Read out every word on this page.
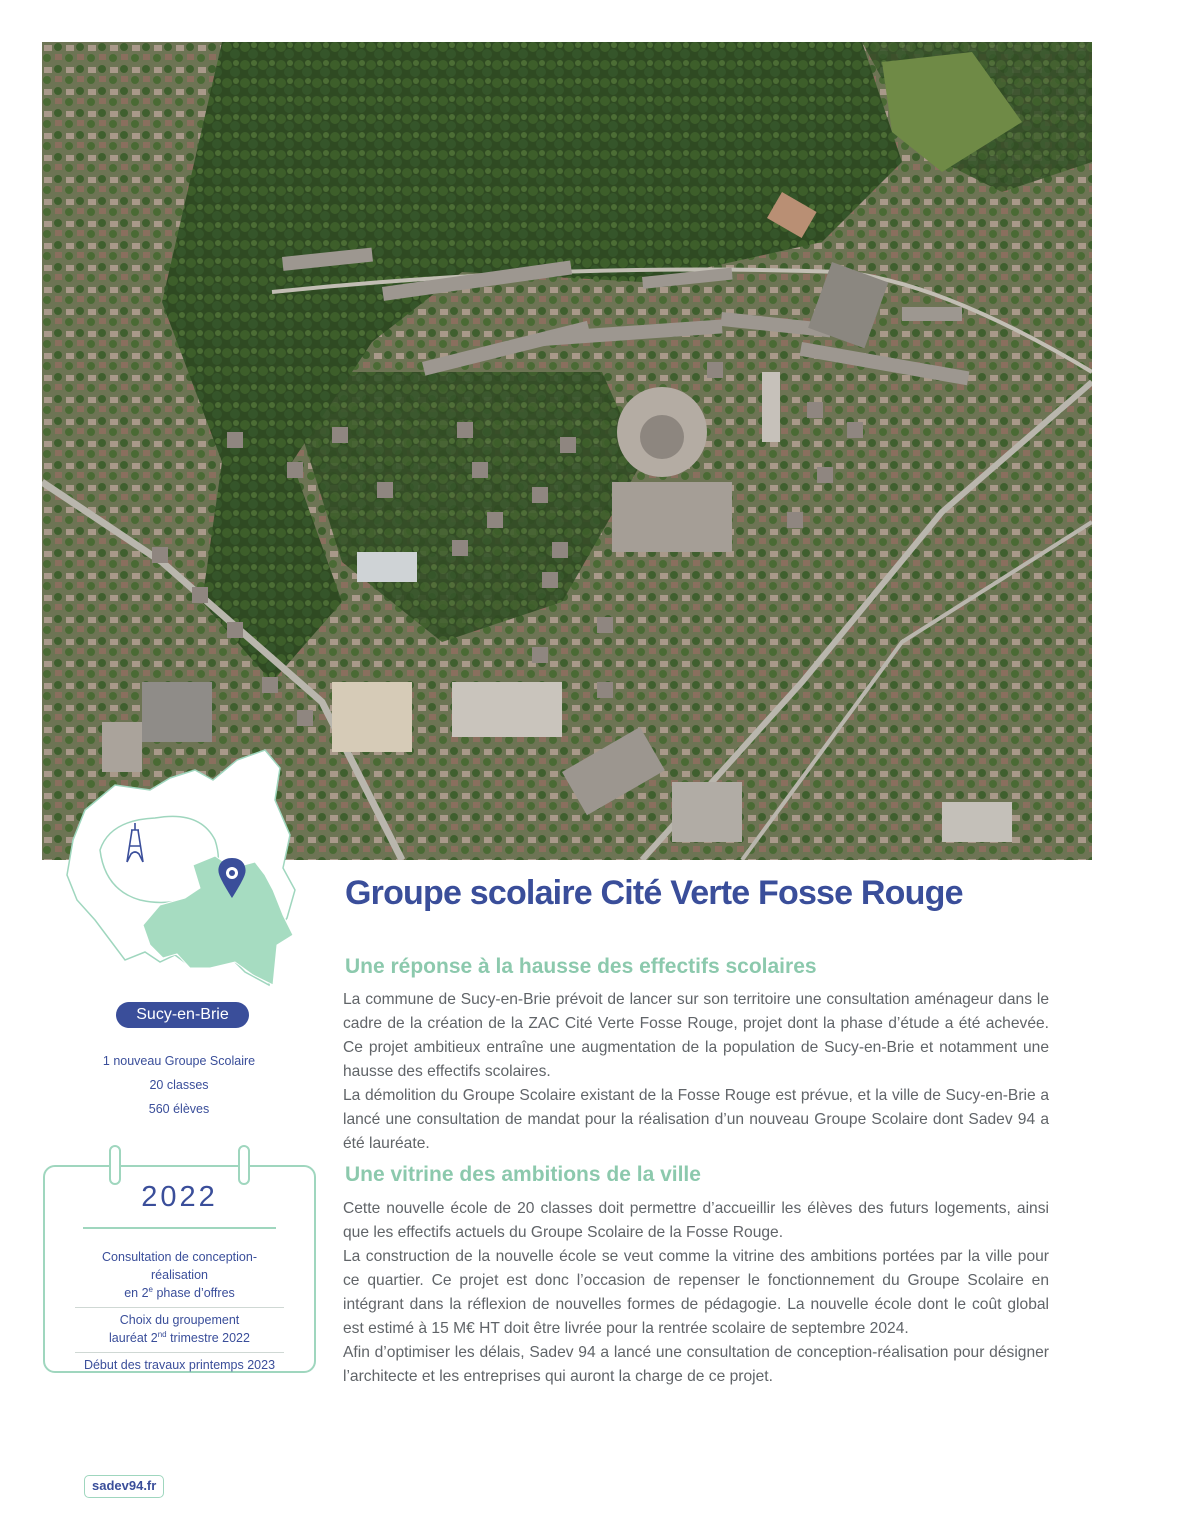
Sucy-en-Brie
1 nouveau Groupe Scolaire
20 classes
560 élèves
2022
Consultation de conception-réalisation
en 2e phase d’offres
Choix du groupement
lauréat 2nd trimestre 2022
Début des travaux printemps 2023
Groupe scolaire Cité Verte Fosse Rouge
Une réponse à la hausse des effectifs scolaires

La commune de Sucy-en-Brie prévoit de lancer sur son territoire une consultation aménageur dans le cadre de la création de la ZAC Cité Verte Fosse Rouge, projet dont la phase d’étude a été achevée. Ce projet ambitieux entraîne une augmentation de la population de Sucy-en-Brie et notamment une hausse des effectifs scolaires.

La démolition du Groupe Scolaire existant de la Fosse Rouge est prévue, et la ville de Sucy-en-Brie a lancé une consultation de mandat pour la réalisation d’un nouveau Groupe Scolaire dont Sadev 94 a été lauréate.

Une vitrine des ambitions de la ville

Cette nouvelle école de 20 classes doit permettre d’accueillir les élèves des futurs logements, ainsi que les effectifs actuels du Groupe Scolaire de la Fosse Rouge.

La construction de la nouvelle école se veut comme la vitrine des ambitions portées par la ville pour ce quartier. Ce projet est donc l’occasion de repenser le fonctionnement du Groupe Scolaire en intégrant dans la réflexion de nouvelles formes de pédagogie. La nouvelle école dont le coût global est estimé à 15 M€ HT doit être livrée pour la rentrée scolaire de septembre 2024.

Afin d’optimiser les délais, Sadev 94 a lancé une consultation de conception-réalisation pour désigner l’architecte et les entreprises qui auront la charge de ce projet.

sadev94.fr
